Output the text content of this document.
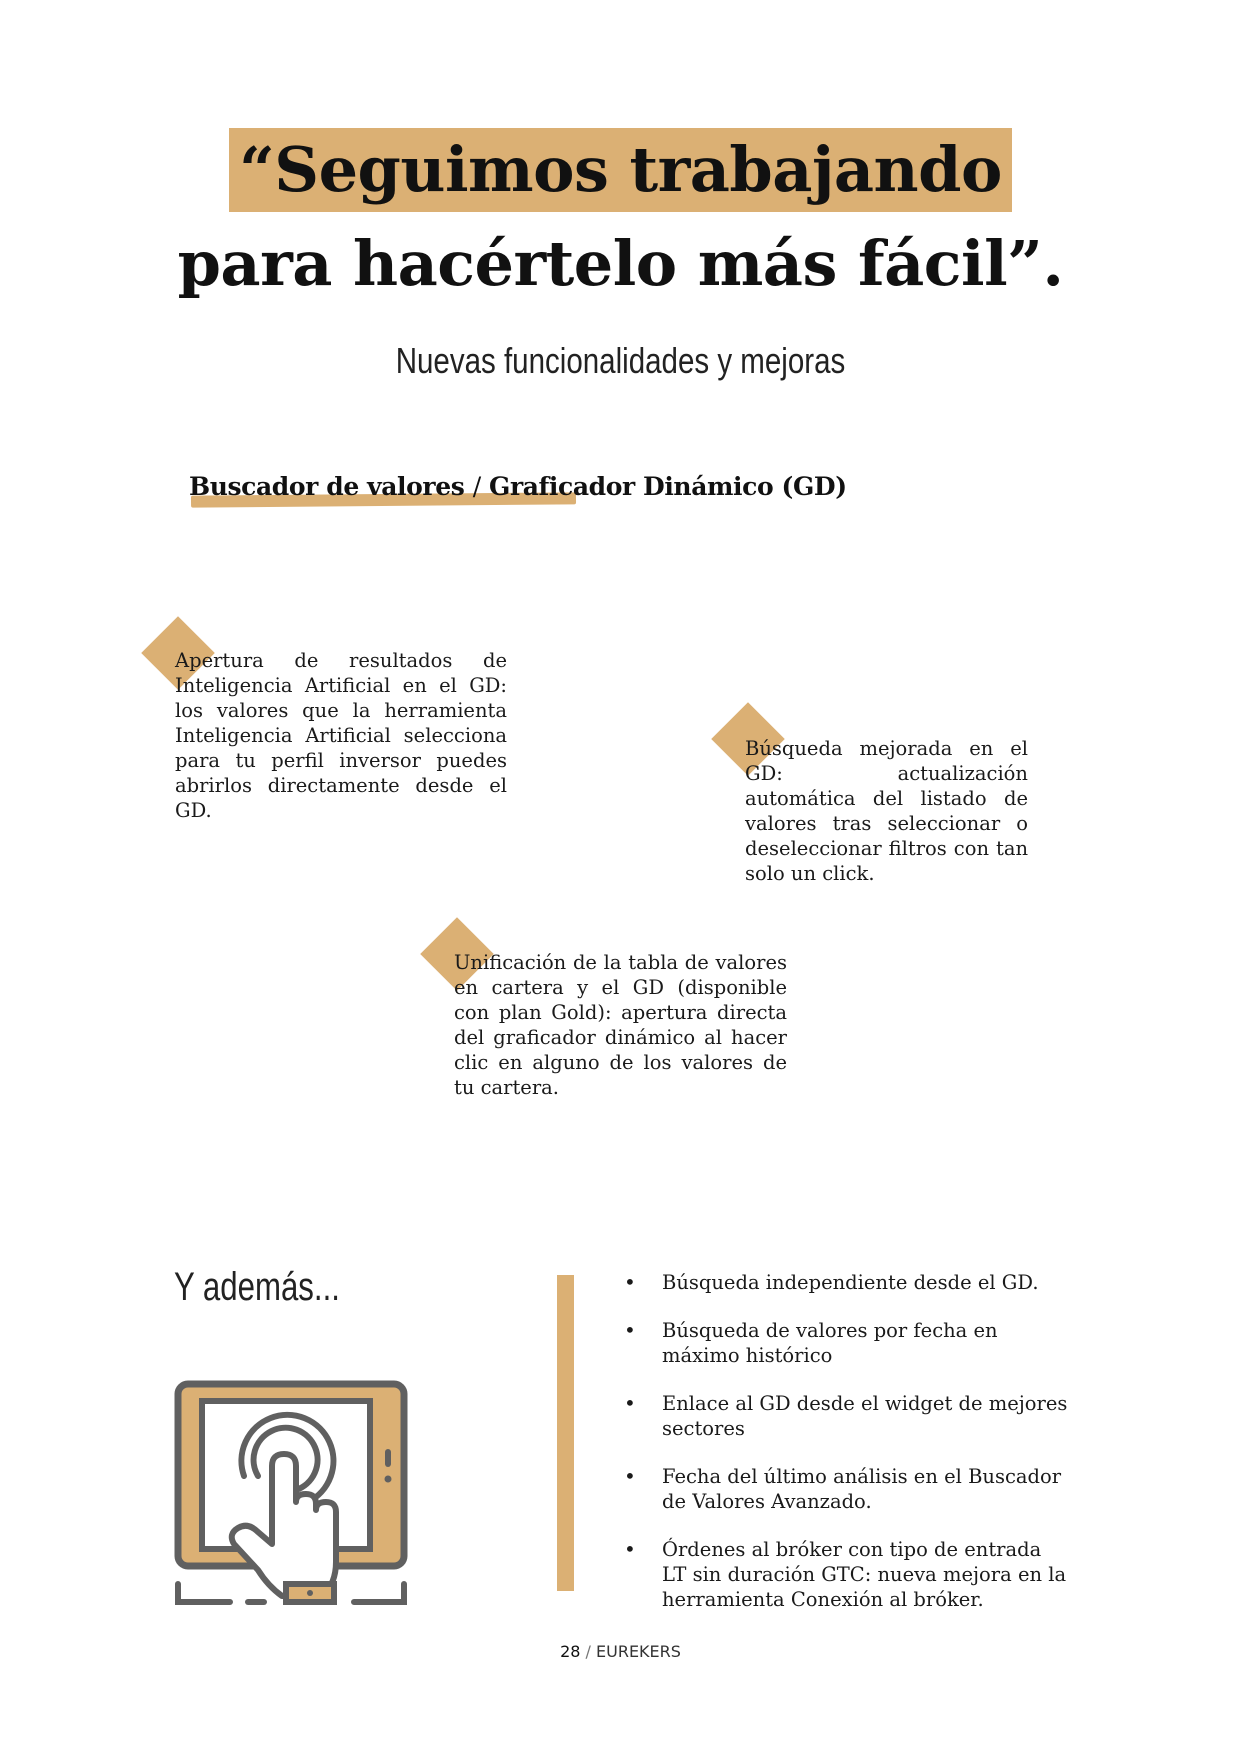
“Seguimos trabajando
para hacértelo más fácil”.
Nuevas funcionalidades y mejoras
Buscador de valores / Graficador Dinámico (GD)
Apertura de resultados de Inteligencia Artificial en el GD: los valores que la herramienta Inteligencia Artificial selecciona para tu perfil inversor puedes abrirlos directamente desde el GD.
Búsqueda mejorada en el GD: actualización automática del listado de valores tras seleccionar o deseleccionar filtros con tan solo un click.
Unificación de la tabla de valores en cartera y el GD (disponible con plan Gold): apertura directa del graficador dinámico al hacer clic en alguno de los valores de tu cartera.
Y además...	• Búsqueda independiente desde el GD.
• Búsqueda de valores por fecha en máximo histórico
• Enlace al GD desde el widget de mejores sectores
• Fecha del último análisis en el Buscador de Valores Avanzado.
• Órdenes al bróker con tipo de entrada LT sin duración GTC: nueva mejora en la herramienta Conexión al bróker.
28 / EUREKERS
